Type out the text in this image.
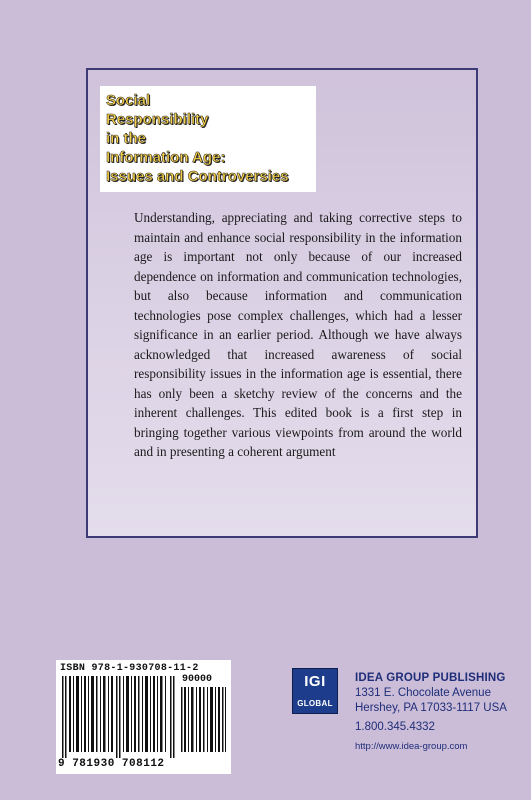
Social
Responsibility
in the
Information Age:
Issues and Controversies

Understanding, appreciating and taking corrective steps to maintain and enhance social responsibility in the information age is important not only because of our increased dependence on information and communication technologies, but also because information and communication technologies pose complex challenges, which had a lesser significance in an earlier period. Although we have always acknowledged that increased awareness of social responsibility issues in the information age is essential, there has only been a sketchy review of the concerns and the inherent challenges. This edited book is a first step in bringing together various viewpoints from around the world and in presenting a coherent argument

ISBN 978-1-930708-11-2
90000
9 781930 708112
IGI
GLOBAL
IDEA GROUP PUBLISHING
1331 E. Chocolate Avenue
Hershey, PA 17033-1117 USA
1.800.345.4332
http://www.idea-group.com
